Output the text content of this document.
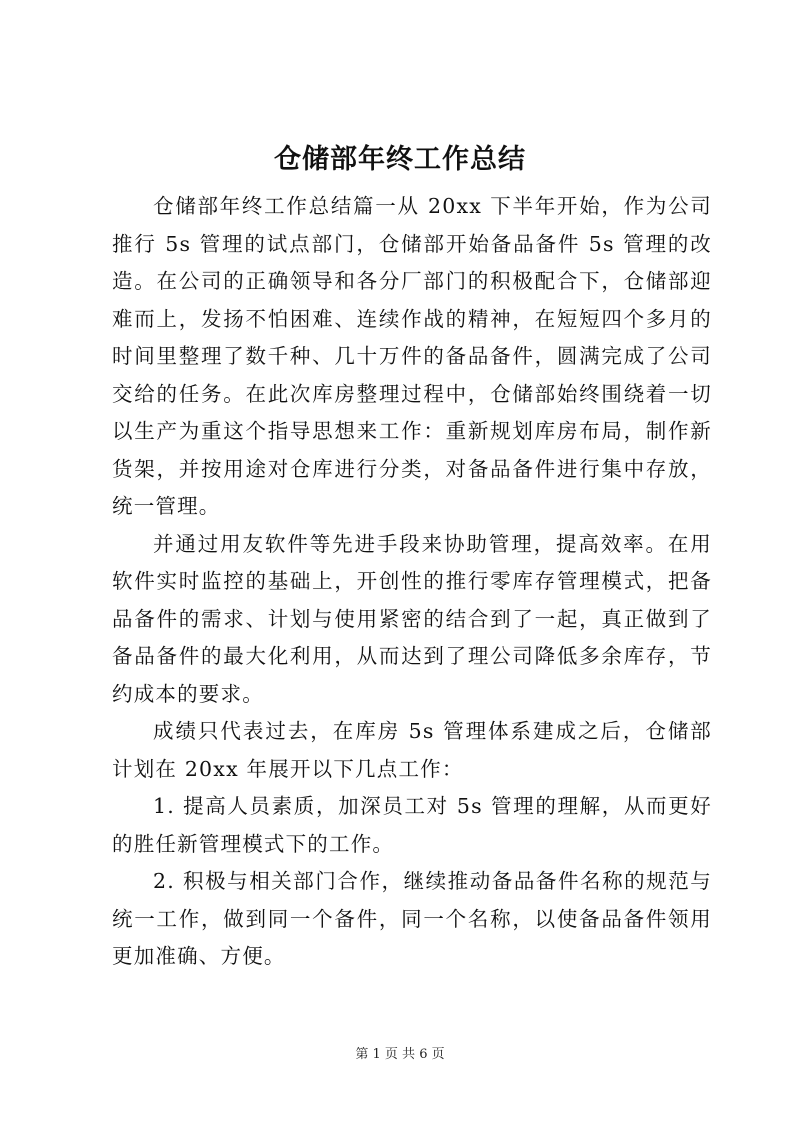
仓储部年终工作总结

仓储部年终工作总结篇一从 20xx 下半年开始，作为公司推行 5s 管理的试点部门，仓储部开始备品备件 5s 管理的改造。在公司的正确领导和各分厂部门的积极配合下，仓储部迎难而上，发扬不怕困难、连续作战的精神，在短短四个多月的时间里整理了数千种、几十万件的备品备件，圆满完成了公司交给的任务。在此次库房整理过程中，仓储部始终围绕着一切以生产为重这个指导思想来工作：重新规划库房布局，制作新货架，并按用途对仓库进行分类，对备品备件进行集中存放，统一管理。

并通过用友软件等先进手段来协助管理，提高效率。在用软件实时监控的基础上，开创性的推行零库存管理模式，把备品备件的需求、计划与使用紧密的结合到了一起，真正做到了备品备件的最大化利用，从而达到了理公司降低多余库存，节约成本的要求。

成绩只代表过去，在库房 5s 管理体系建成之后，仓储部计划在 20xx 年展开以下几点工作：

1. 提高人员素质，加深员工对 5s 管理的理解，从而更好的胜任新管理模式下的工作。

2. 积极与相关部门合作，继续推动备品备件名称的规范与统一工作，做到同一个备件，同一个名称，以使备品备件领用更加准确、方便。

第 1 页 共 6 页
